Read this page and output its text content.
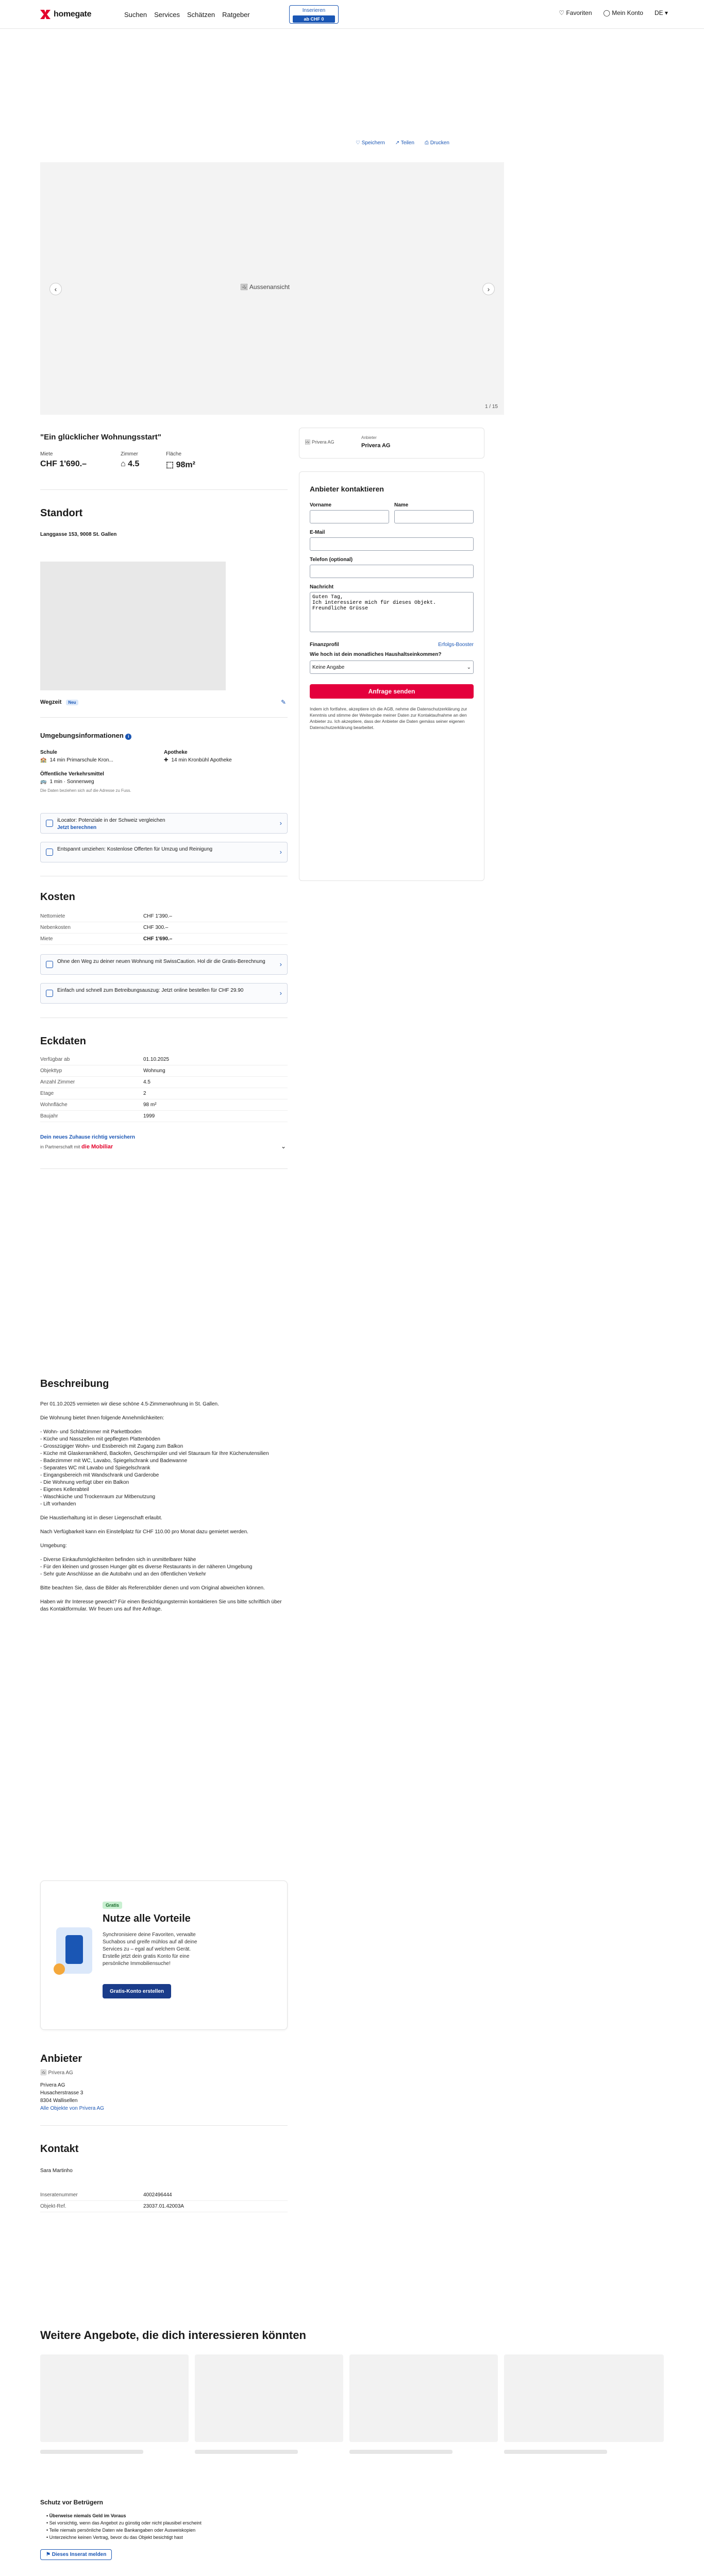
homegate	Suchen Services Schätzen Ratgeber
Inserieren
ab CHF 0
♡ Favoriten ◯ Mein Konto DE ▾
♡ Speichern ↗ Teilen ⎙ Drucken
‹	🖼 Aussenansicht	›
1 / 15
"Ein glücklicher Wohnungsstart"
Miete
CHF 1'690.–
Zimmer
⌂ 4.5
Fläche
⬚ 98m²
Standort
Langgasse 153, 9008 St. Gallen
Wegzeit Neu	✎
Umgebungsinformationen i
Schule
🏫 14 min Primarschule Kron...
Apotheke
✚ 14 min Kronbühl Apotheke
Öffentliche Verkehrsmittel
🚌 1 min · Sonnenweg
Die Daten beziehen sich auf die Adresse zu Fuss.
iLocator: Potenziale in der Schweiz vergleichen
Jetzt berechnen
›
Entspannt umziehen: Kostenlose Offerten für Umzug und Reinigung	›
Kosten
Nettomiete	CHF 1'390.–
Nebenkosten	CHF 300.–
Miete	CHF 1'690.–
Ohne den Weg zu deiner neuen Wohnung mit SwissCaution. Hol dir die Gratis-Berechnung ›
Einfach und schnell zum Betreibungsauszug: Jetzt online bestellen für CHF 29.90	›
Eckdaten
Verfügbar ab	01.10.2025
Objekttyp	Wohnung
Anzahl Zimmer	4.5
Etage	2
Wohnfläche	98 m²
Baujahr	1999
Dein neues Zuhause richtig versichern
in Partnerschaft mit die Mobiliar	⌄
Beschreibung

Per 01.10.2025 vermieten wir diese schöne 4.5-Zimmerwohnung in St. Gallen.

Die Wohnung bietet Ihnen folgende Annehmlichkeiten:

- Wohn- und Schlafzimmer mit Parkettboden
- Küche und Nasszellen mit gepflegten Plattenböden
- Grosszügiger Wohn- und Essbereich mit Zugang zum Balkon
- Küche mit Glaskeramikherd, Backofen, Geschirrspüler und viel Stauraum für Ihre Küchenutensilien
- Badezimmer mit WC, Lavabo, Spiegelschrank und Badewanne
- Separates WC mit Lavabo und Spiegelschrank
- Eingangsbereich mit Wandschrank und Garderobe
- Die Wohnung verfügt über ein Balkon
- Eigenes Kellerabteil
- Waschküche und Trockenraum zur Mitbenutzung
- Lift vorhanden

Die Haustierhaltung ist in dieser Liegenschaft erlaubt.

Nach Verfügbarkeit kann ein Einstellplatz für CHF 110.00 pro Monat dazu gemietet werden.

Umgebung:

- Diverse Einkaufsmöglichkeiten befinden sich in unmittelbarer Nähe
- Für den kleinen und grossen Hunger gibt es diverse Restaurants in der näheren Umgebung
- Sehr gute Anschlüsse an die Autobahn und an den öffentlichen Verkehr

Bitte beachten Sie, dass die Bilder als Referenzbilder dienen und vom Original abweichen können.

Haben wir Ihr Interesse geweckt? Für einen Besichtigungstermin kontaktieren Sie uns bitte schriftlich über das Kontaktformular. Wir freuen uns auf Ihre Anfrage.

Gratis
Nutze alle Vorteile
Synchronisiere deine Favoriten, verwalte Suchabos und greife mühlos auf all deine Services zu – egal auf welchem Gerät. Erstelle jetzt dein gratis Konto für eine persönliche Immobiliensuche!
Gratis-Konto erstellen
Anbieter
🖼 Privera AG
Privera AG
Husacherstrasse 3
8304 Wallisellen
Alle Objekte von Privera AG
Kontakt
Sara Martinho
Inseratenummer	4002496444
Objekt-Ref.	23037.01.42003A
🖼 Privera AG
Anbieter
Privera AG
Anbieter kontaktieren
Vorname	Name
E-Mail
Telefon (optional)
Nachricht
Guten Tag, Ich interessiere mich für dieses Objekt. Freundliche Grüsse
Finanzprofil	Erfolgs-Booster
Wie hoch ist dein monatliches Haushaltseinkommen?
Keine Angabe	⌄
Anfrage senden
Indem ich fortfahre, akzeptiere ich die AGB, nehme die Datenschutzerklärung zur Kenntnis und stimme der Weitergabe meiner Daten zur Kontaktaufnahme an den Anbieter zu. Ich akzeptiere, dass der Anbieter die Daten gemäss seiner eigenen Datenschutzerklärung bearbeitet.
Weitere Angebote, die dich interessieren könnten
Schutz vor Betrügern
• Überweise niemals Geld im Voraus
• Sei vorsichtig, wenn das Angebot zu günstig oder nicht plausibel erscheint
• Teile niemals persönliche Daten wie Bankangaben oder Ausweiskopien
• Unterzeichne keinen Vertrag, bevor du das Objekt besichtigt hast
⚑ Dieses Inserat melden
